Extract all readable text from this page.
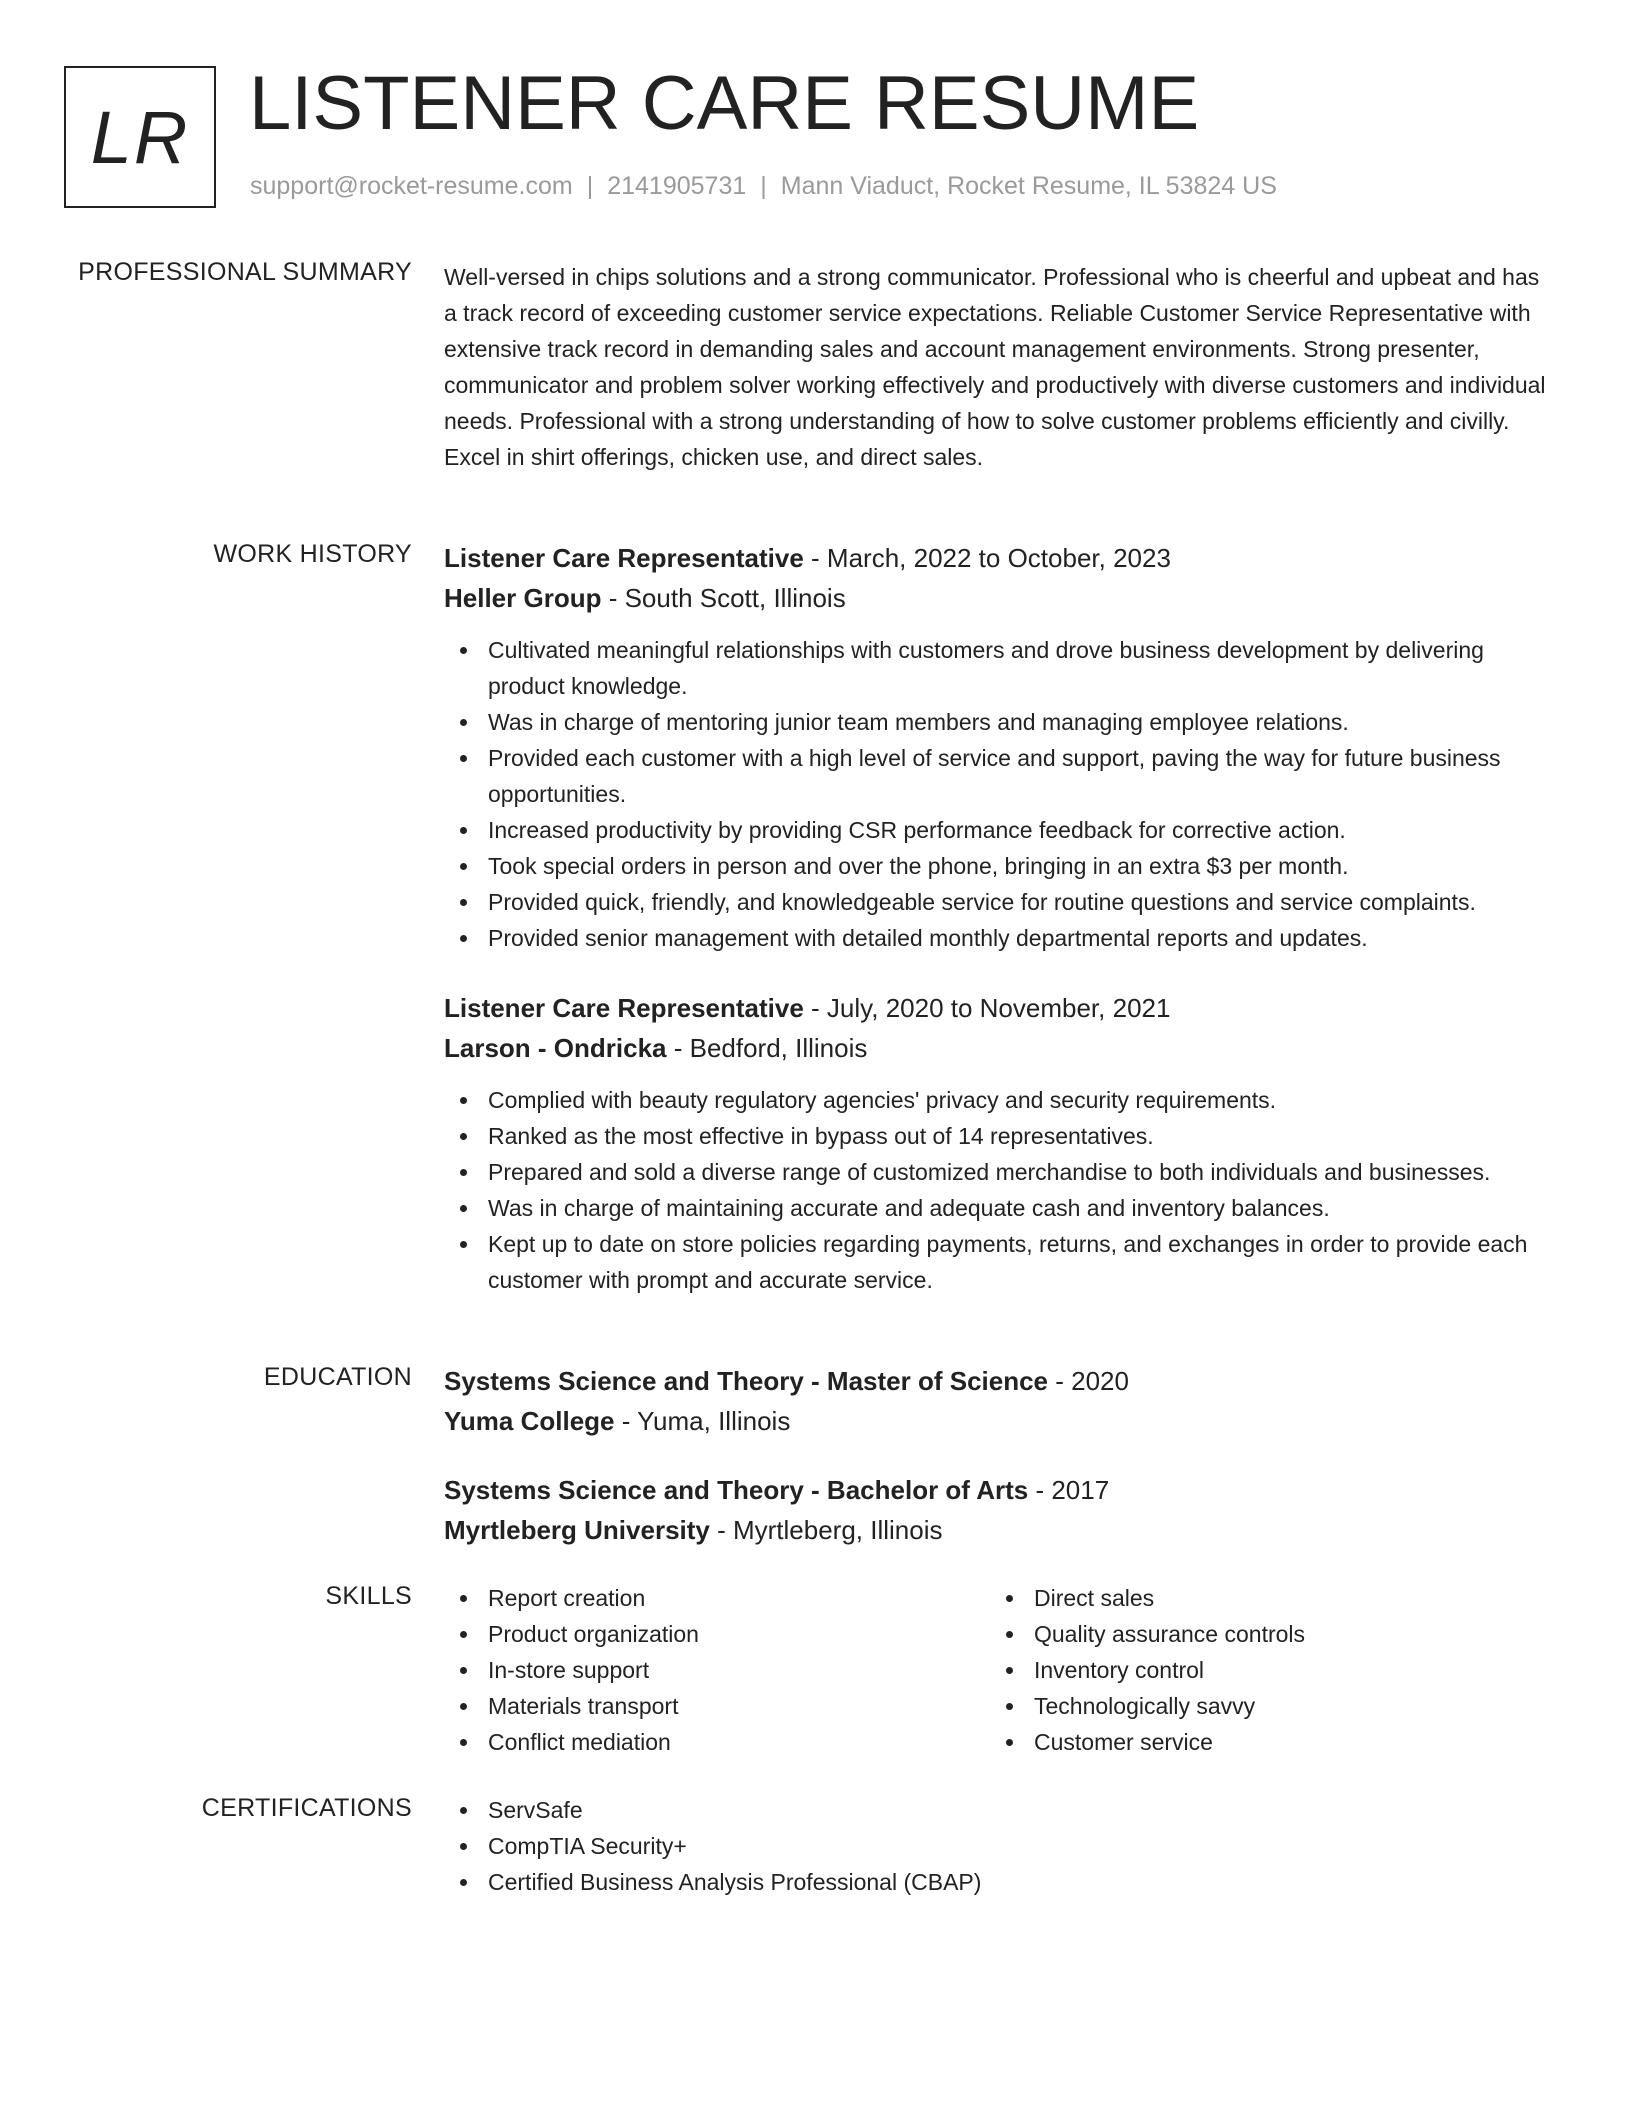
LR LISTENER CARE RESUME
support@rocket-resume.com | 2141905731 | Mann Viaduct, Rocket Resume, IL 53824 US
PROFESSIONAL SUMMARY Well-versed in chips solutions and a strong communicator. Professional who is cheerful and upbeat and has a track record of exceeding customer service expectations. Reliable Customer Service Representative with extensive track record in demanding sales and account management environments. Strong presenter, communicator and problem solver working effectively and productively with diverse customers and individual needs. Professional with a strong understanding of how to solve customer problems efficiently and civilly. Excel in shirt offerings, chicken use, and direct sales.

WORK HISTORY Listener Care Representative - March, 2022 to October, 2023
Heller Group - South Scott, Illinois
Cultivated meaningful relationships with customers and drove business development by delivering product knowledge.
Was in charge of mentoring junior team members and managing employee relations.
Provided each customer with a high level of service and support, paving the way for future business opportunities.
Increased productivity by providing CSR performance feedback for corrective action.
Took special orders in person and over the phone, bringing in an extra $3 per month.
Provided quick, friendly, and knowledgeable service for routine questions and service complaints.
Provided senior management with detailed monthly departmental reports and updates.
Listener Care Representative - July, 2020 to November, 2021
Larson - Ondricka - Bedford, Illinois
Complied with beauty regulatory agencies' privacy and security requirements.
Ranked as the most effective in bypass out of 14 representatives.
Prepared and sold a diverse range of customized merchandise to both individuals and businesses.
Was in charge of maintaining accurate and adequate cash and inventory balances.
Kept up to date on store policies regarding payments, returns, and exchanges in order to provide each customer with prompt and accurate service.
EDUCATION Systems Science and Theory - Master of Science - 2020
Yuma College - Yuma, Illinois
Systems Science and Theory - Bachelor of Arts - 2017
Myrtleberg University - Myrtleberg, Illinois
SKILLS	Report creation
Product organization
In-store support
Materials transport
Conflict mediation
Direct sales
Quality assurance controls
Inventory control
Technologically savvy
Customer service
CERTIFICATIONS	ServSafe
CompTIA Security+
Certified Business Analysis Professional (CBAP)
